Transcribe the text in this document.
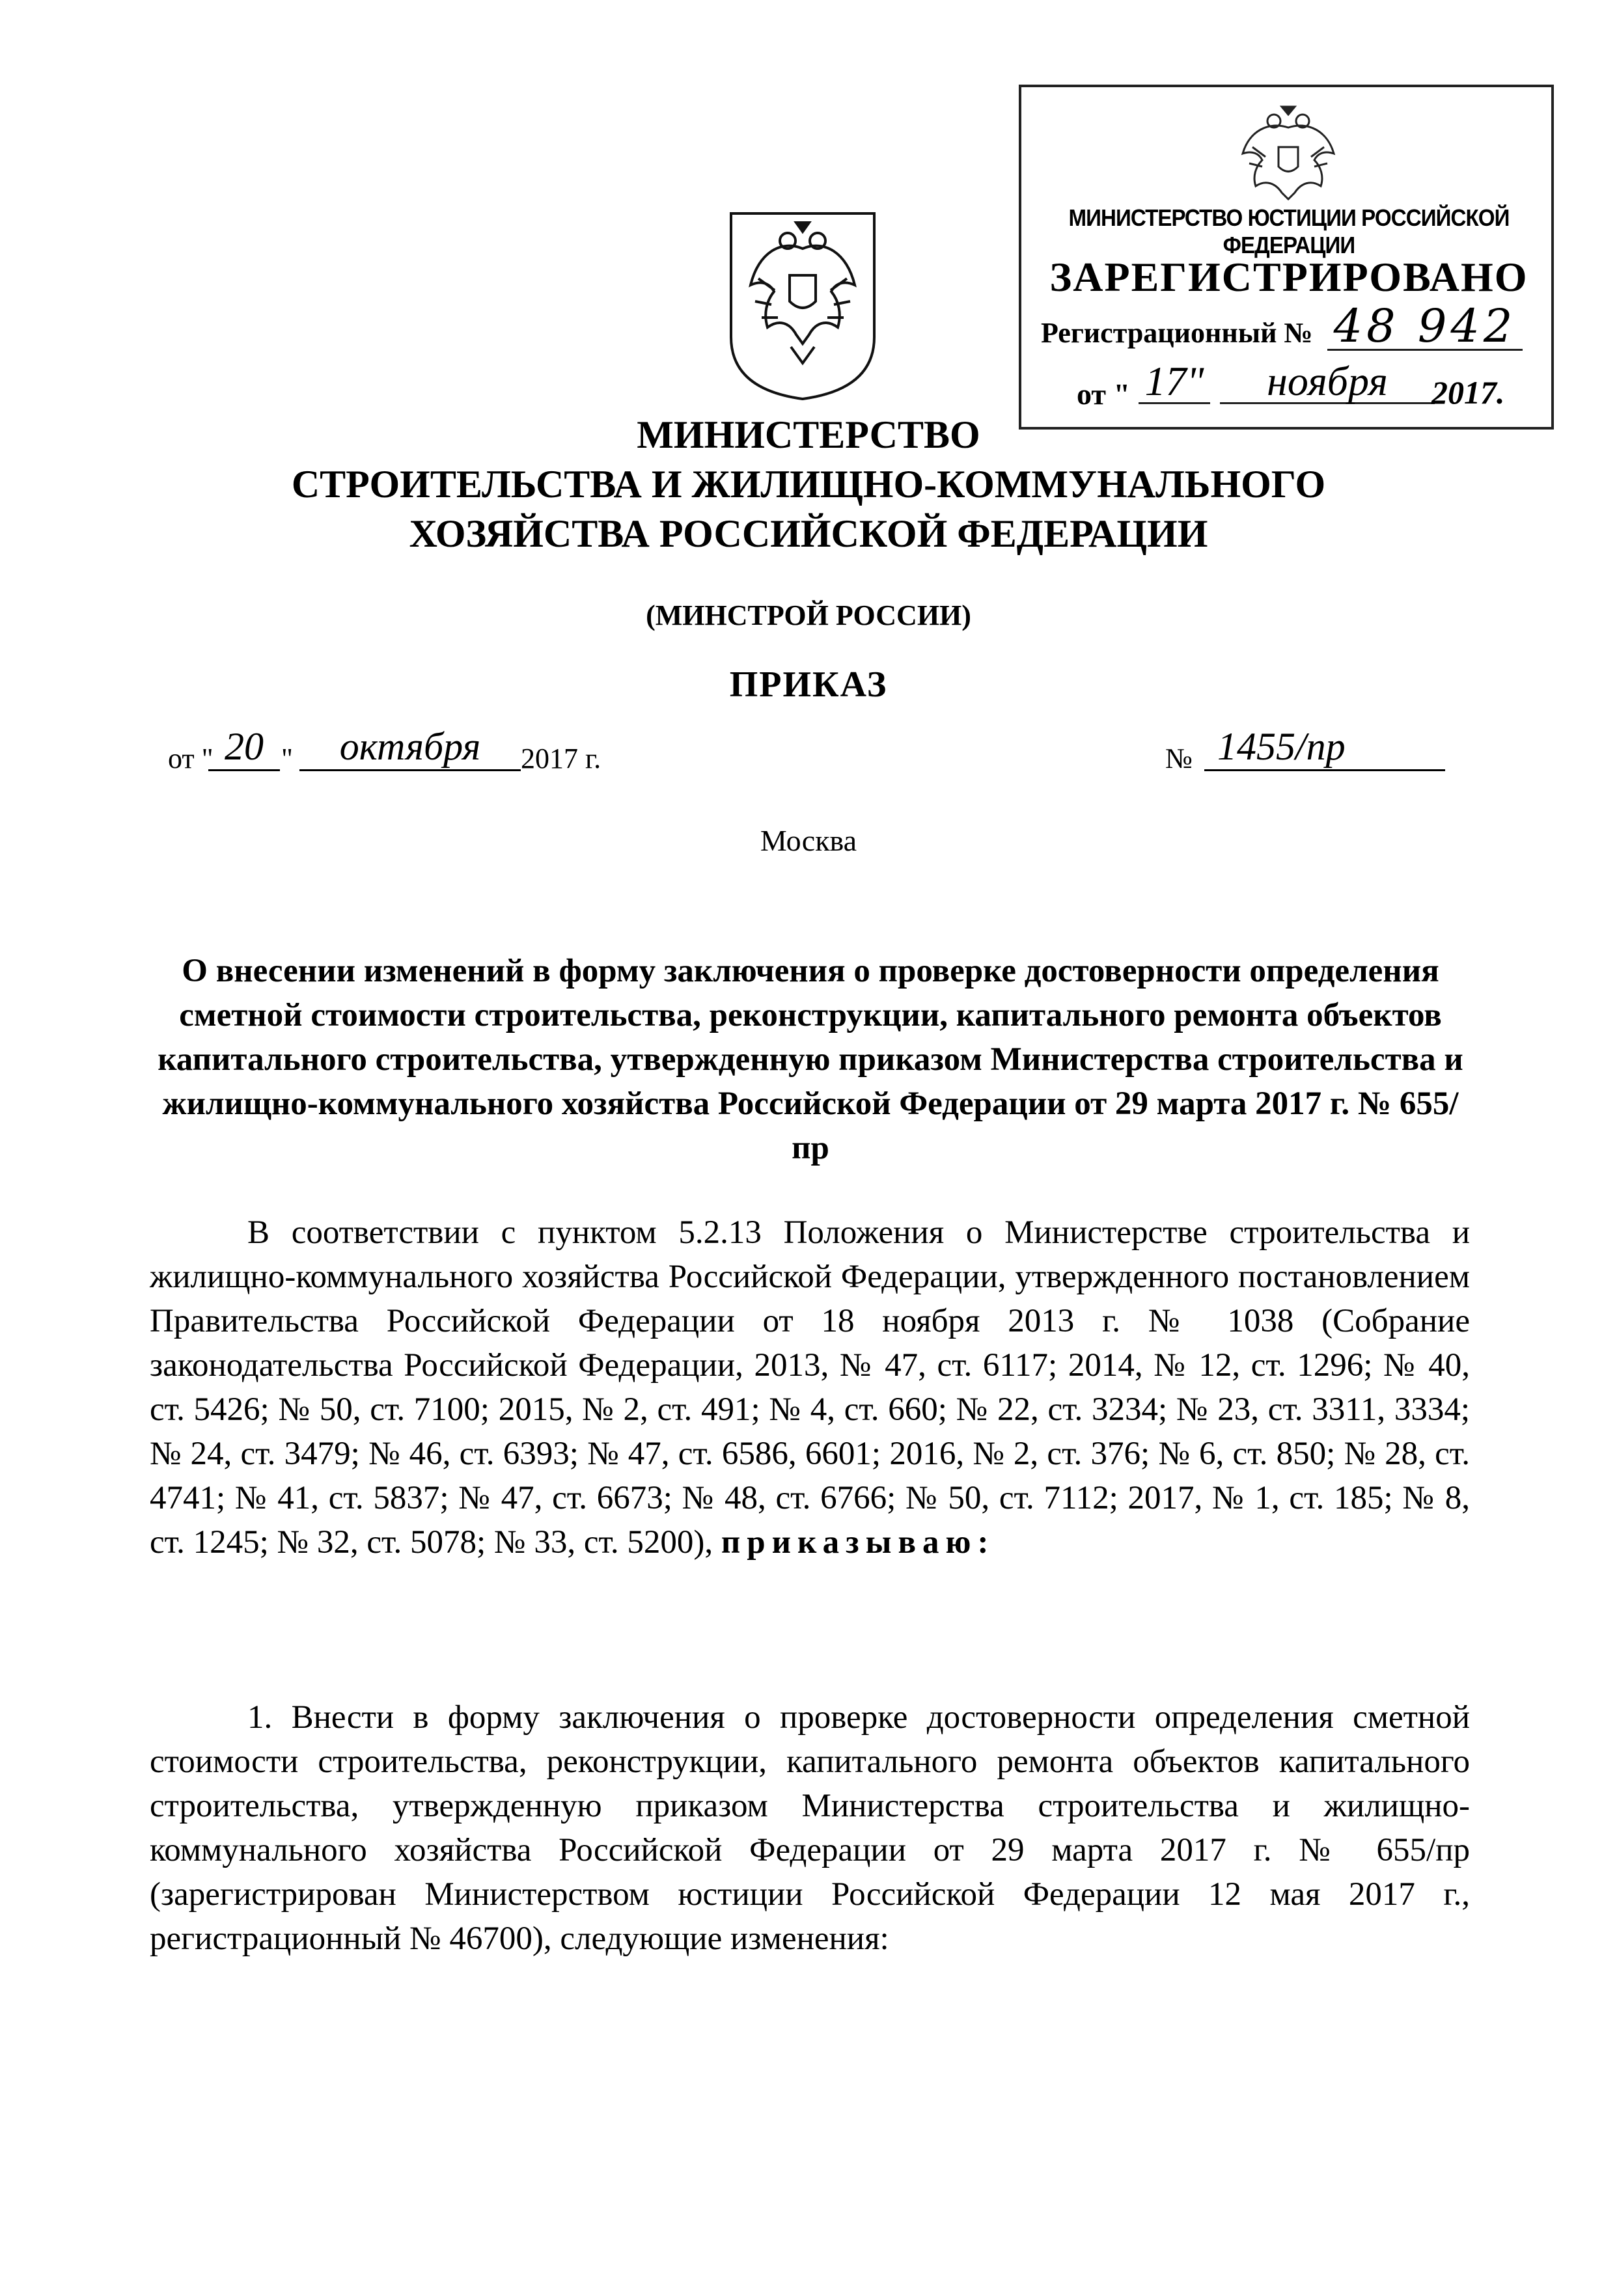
МИНИСТЕРСТВО ЮСТИЦИИ РОССИЙСКОЙ ФЕДЕРАЦИИ
ЗАРЕГИСТРИРОВАНО
Регистрационный № 48 942
от " 17"	ноября	2017.
МИНИСТЕРСТВО
СТРОИТЕЛЬСТВА И ЖИЛИЩНО-КОММУНАЛЬНОГО
ХОЗЯЙСТВА РОССИЙСКОЙ ФЕДЕРАЦИИ
(МИНСТРОЙ РОССИИ)
ПРИКАЗ
от " 20 "	октября	2017 г.	№ 1455/пр
Москва
О внесении изменений в форму заключения о проверке достоверности определения сметной стоимости строительства, реконструкции, капитального ремонта объектов капитального строительства, утвержденную приказом Министерства строительства и жилищно-коммунального хозяйства Российской Федерации от 29 марта 2017 г. № 655/пр
В соответствии с пунктом 5.2.13 Положения о Министерстве строительства и жилищно-коммунального хозяйства Российской Федерации, утвержденного постановлением Правительства Российской Федерации от 18 ноября 2013 г. № 1038 (Собрание законодательства Российской Федерации, 2013, № 47, ст. 6117; 2014, № 12, ст. 1296; № 40, ст. 5426; № 50, ст. 7100; 2015, № 2, ст. 491; № 4, ст. 660; № 22, ст. 3234; № 23, ст. 3311, 3334; № 24, ст. 3479; № 46, ст. 6393; № 47, ст. 6586, 6601; 2016, № 2, ст. 376; № 6, ст. 850; № 28, ст. 4741; № 41, ст. 5837; № 47, ст. 6673; № 48, ст. 6766; № 50, ст. 7112; 2017, № 1, ст. 185; № 8, ст. 1245; № 32, ст. 5078; № 33, ст. 5200), приказываю:
1. Внести в форму заключения о проверке достоверности определения сметной стоимости строительства, реконструкции, капитального ремонта объектов капитального строительства, утвержденную приказом Министерства строительства и жилищно-коммунального хозяйства Российской Федерации от 29 марта 2017 г. № 655/пр (зарегистрирован Министерством юстиции Российской Федерации 12 мая 2017 г., регистрационный № 46700), следующие изменения:
